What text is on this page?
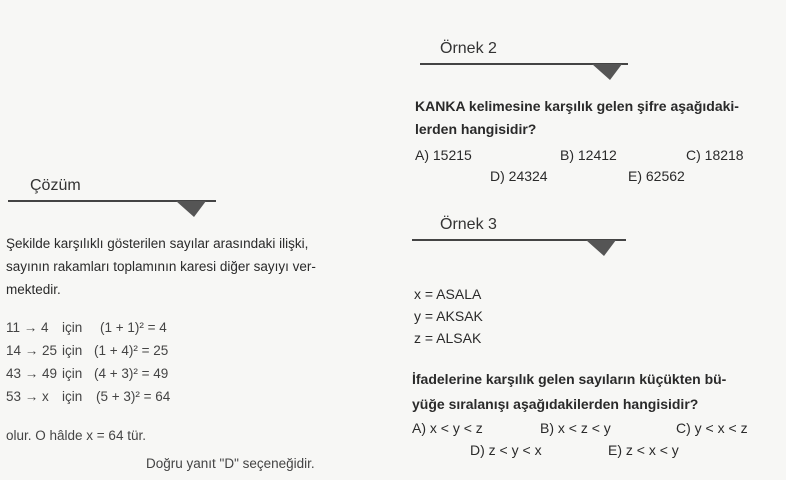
Çözüm
Şekilde karşılıklı gösterilen sayılar arasındaki ilişki,
sayının rakamları toplamının karesi diğer sayıyı ver-
mektedir.
11 → 4 için (1 + 1)² = 4
14 → 25 için (1 + 4)² = 25
43 → 49 için (4 + 3)² = 49
53 → x için (5 + 3)² = 64
olur. O hâlde x = 64 tür.
Doğru yanıt "D" seçeneğidir.
Örnek 2
KANKA kelimesine karşılık gelen şifre aşağıdaki-
lerden hangisidir?
A) 15215	B) 12412	C) 18218
D) 24324	E) 62562
Örnek 3
x = ASALA
y = AKSAK
z = ALSAK
İfadelerine karşılık gelen sayıların küçükten bü-
yüğe sıralanışı aşağıdakilerden hangisidir?
A) x < y < z	B) x < z < y	C) y < x < z
D) z < y < x	E) z < x < y
